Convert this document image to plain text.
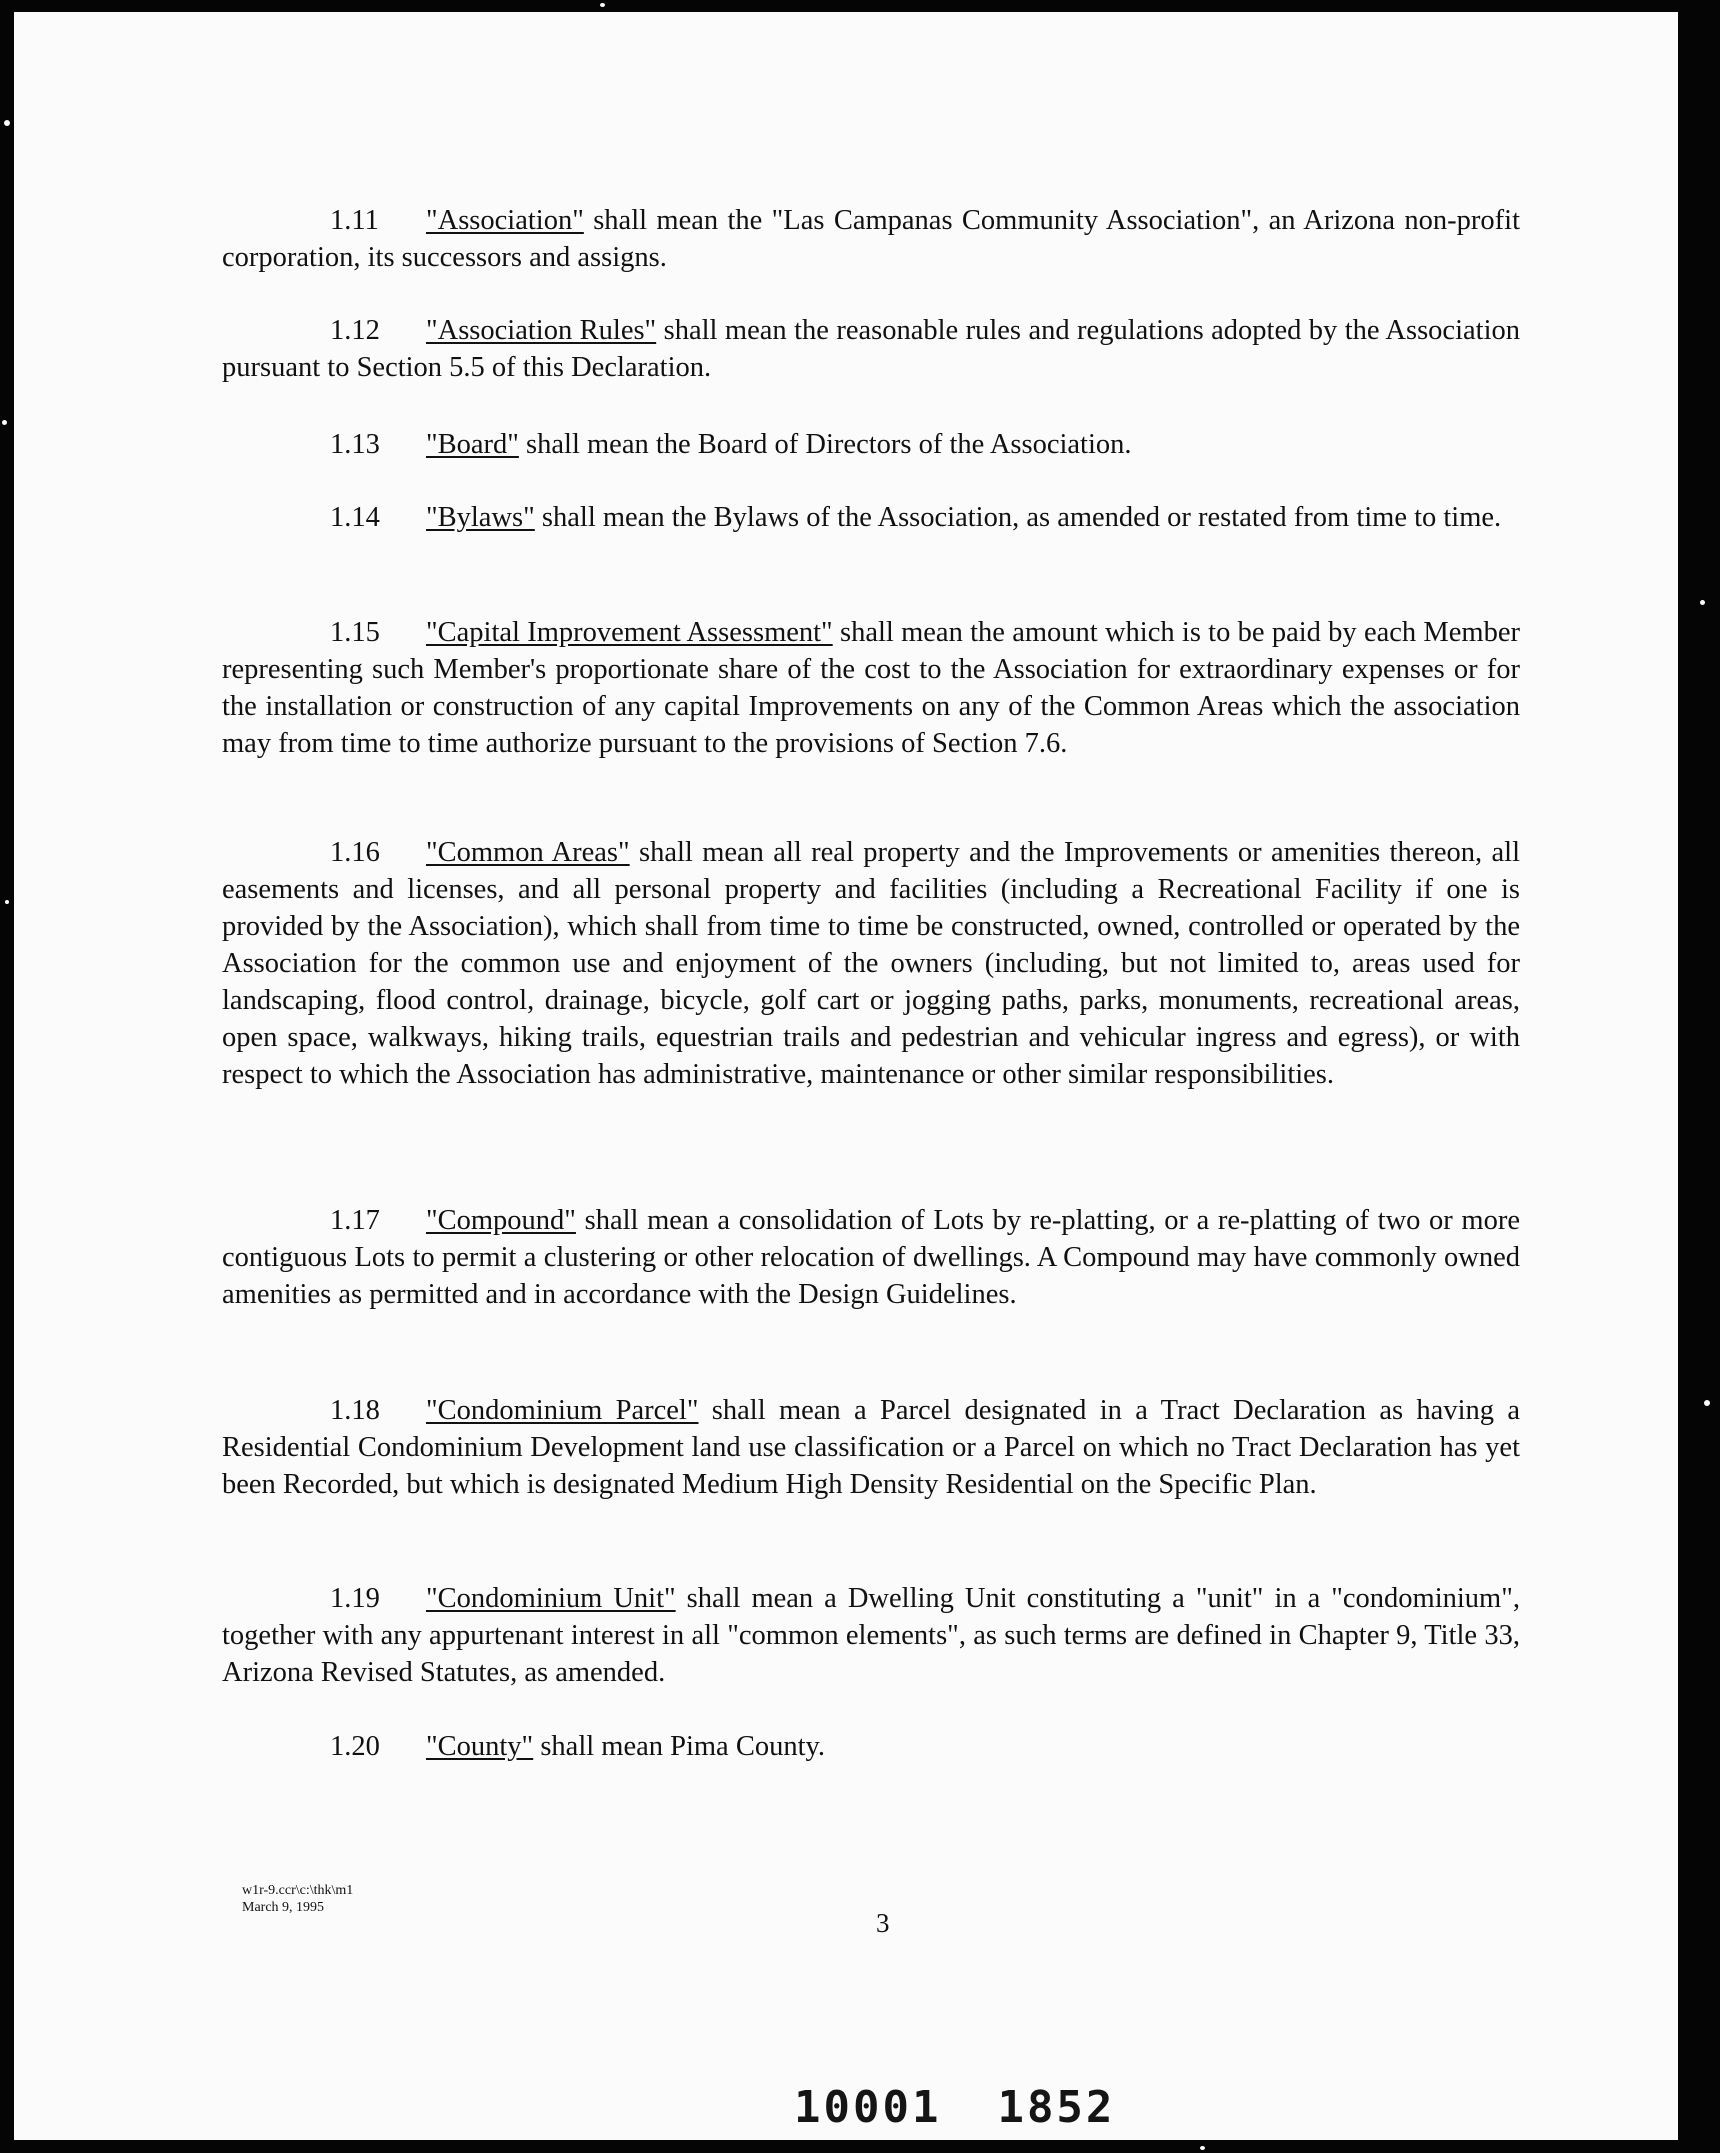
1.11 "Association" shall mean the "Las Campanas Community Association", an Arizona non-profit corporation, its successors and assigns.

1.12 "Association Rules" shall mean the reasonable rules and regulations adopted by the Association pursuant to Section 5.5 of this Declaration.

1.13 "Board" shall mean the Board of Directors of the Association.

1.14 "Bylaws" shall mean the Bylaws of the Association, as amended or restated from time to time.

1.15 "Capital Improvement Assessment" shall mean the amount which is to be paid by each Member representing such Member's proportionate share of the cost to the Association for extraordinary expenses or for the installation or construction of any capital Improvements on any of the Common Areas which the association may from time to time authorize pursuant to the provisions of Section 7.6.

1.16 "Common Areas" shall mean all real property and the Improvements or amenities thereon, all easements and licenses, and all personal property and facilities (including a Recreational Facility if one is provided by the Association), which shall from time to time be constructed, owned, controlled or operated by the Association for the common use and enjoyment of the owners (including, but not limited to, areas used for landscaping, flood control, drainage, bicycle, golf cart or jogging paths, parks, monuments, recreational areas, open space, walkways, hiking trails, equestrian trails and pedestrian and vehicular ingress and egress), or with respect to which the Association has administrative, maintenance or other similar responsibilities.

1.17 "Compound" shall mean a consolidation of Lots by re-platting, or a re-platting of two or more contiguous Lots to permit a clustering or other relocation of dwellings. A Compound may have commonly owned amenities as permitted and in accordance with the Design Guidelines.

1.18 "Condominium Parcel" shall mean a Parcel designated in a Tract Declaration as having a Residential Condominium Development land use classification or a Parcel on which no Tract Declaration has yet been Recorded, but which is designated Medium High Density Residential on the Specific Plan.

1.19 "Condominium Unit" shall mean a Dwelling Unit constituting a "unit" in a "condominium", together with any appurtenant interest in all "common elements", as such terms are defined in Chapter 9, Title 33, Arizona Revised Statutes, as amended.

1.20 "County" shall mean Pima County.

w1r-9.ccr\c:\thk\m1
March 9, 1995
3
10001 1852
